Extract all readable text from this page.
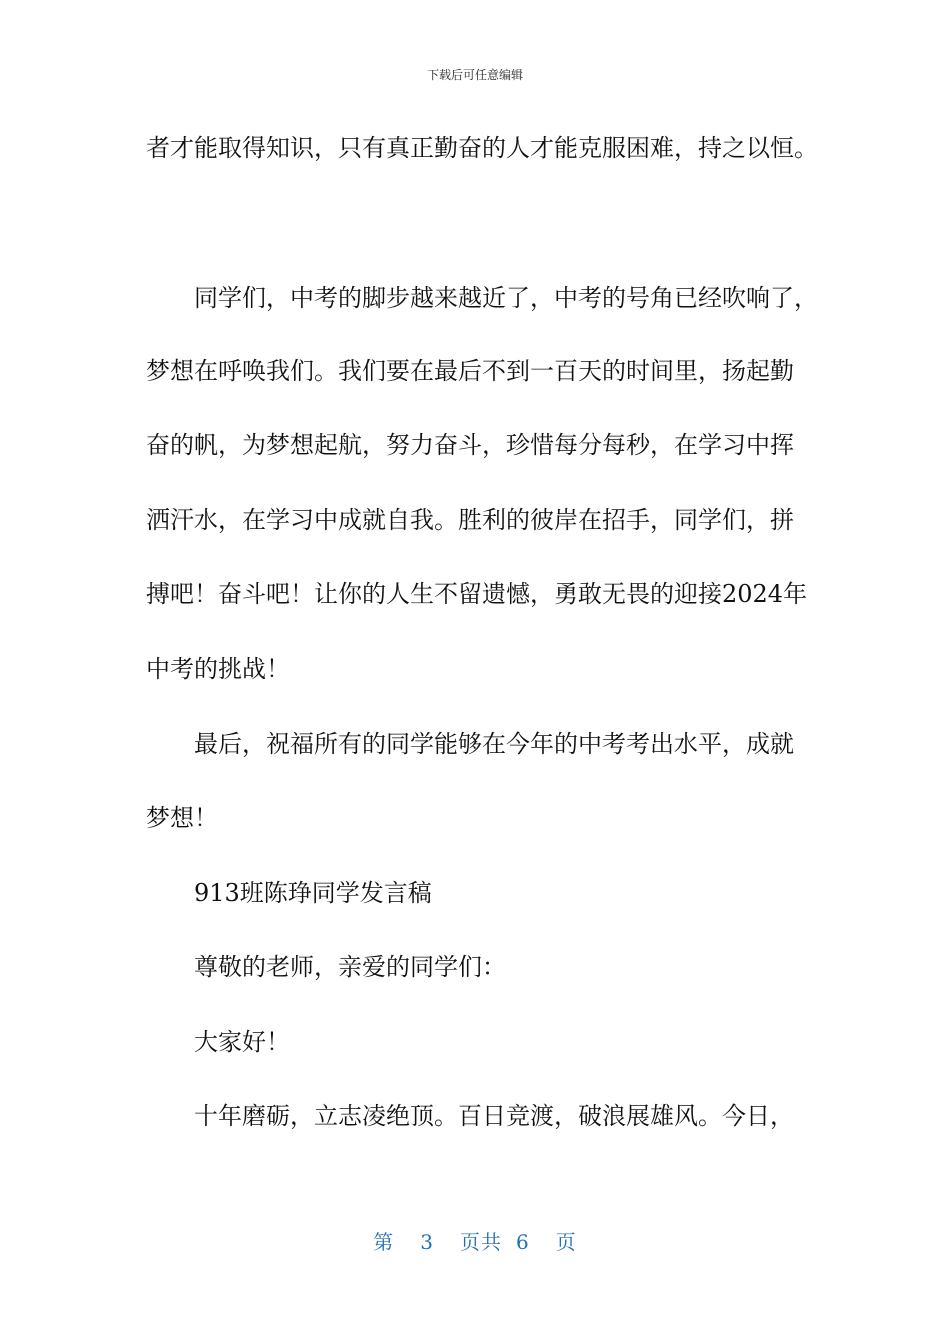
下载后可任意编辑
者才能取得知识，只有真正勤奋的人才能克服困难，持之以恒。
同学们，中考的脚步越来越近了，中考的号角已经吹响了，
梦想在呼唤我们。我们要在最后不到一百天的时间里，扬起勤
奋的帆，为梦想起航，努力奋斗，珍惜每分每秒，在学习中挥
洒汗水，在学习中成就自我。胜利的彼岸在招手，同学们，拼
搏吧！奋斗吧！让你的人生不留遗憾，勇敢无畏的迎接2024年
中考的挑战！
最后，祝福所有的同学能够在今年的中考考出水平，成就
梦想！
913班陈琤同学发言稿
尊敬的老师，亲爱的同学们：
大家好！
十年磨砺，立志凌绝顶。百日竞渡，破浪展雄风。今日，
第 3 页共 6 页
